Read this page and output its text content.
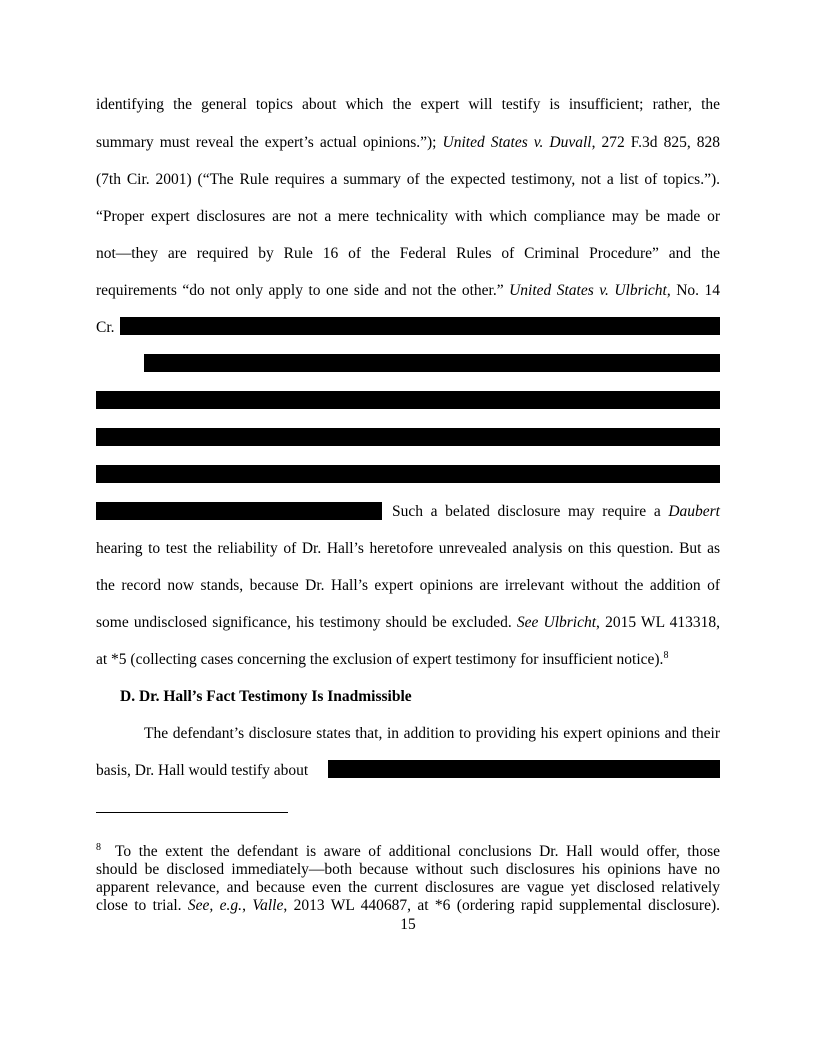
identifying the general topics about which the expert will testify is insufficient; rather, the
summary must reveal the expert’s actual opinions.”); United States v. Duvall, 272 F.3d 825, 828
(7th Cir. 2001) (“The Rule requires a summary of the expected testimony, not a list of topics.”).
“Proper expert disclosures are not a mere technicality with which compliance may be made or
not—they are required by Rule 16 of the Federal Rules of Criminal Procedure” and the
requirements “do not only apply to one side and not the other.” United States v. Ulbricht, No. 14
Cr.
Such a belated disclosure may require a Daubert
hearing to test the reliability of Dr. Hall’s heretofore unrevealed analysis on this question. But as
the record now stands, because Dr. Hall’s expert opinions are irrelevant without the addition of
some undisclosed significance, his testimony should be excluded. See Ulbricht, 2015 WL 413318,
at *5 (collecting cases concerning the exclusion of expert testimony for insufficient notice).$^8$
D. Dr. Hall’s Fact Testimony Is Inadmissible
The defendant’s disclosure states that, in addition to providing his expert opinions and their
basis, Dr. Hall would testify about
$^8$ To the extent the defendant is aware of additional conclusions Dr. Hall would offer, those
should be disclosed immediately—both because without such disclosures his opinions have no
apparent relevance, and because even the current disclosures are vague yet disclosed relatively
close to trial. See, e.g., Valle, 2013 WL 440687, at *6 (ordering rapid supplemental disclosure).
15
